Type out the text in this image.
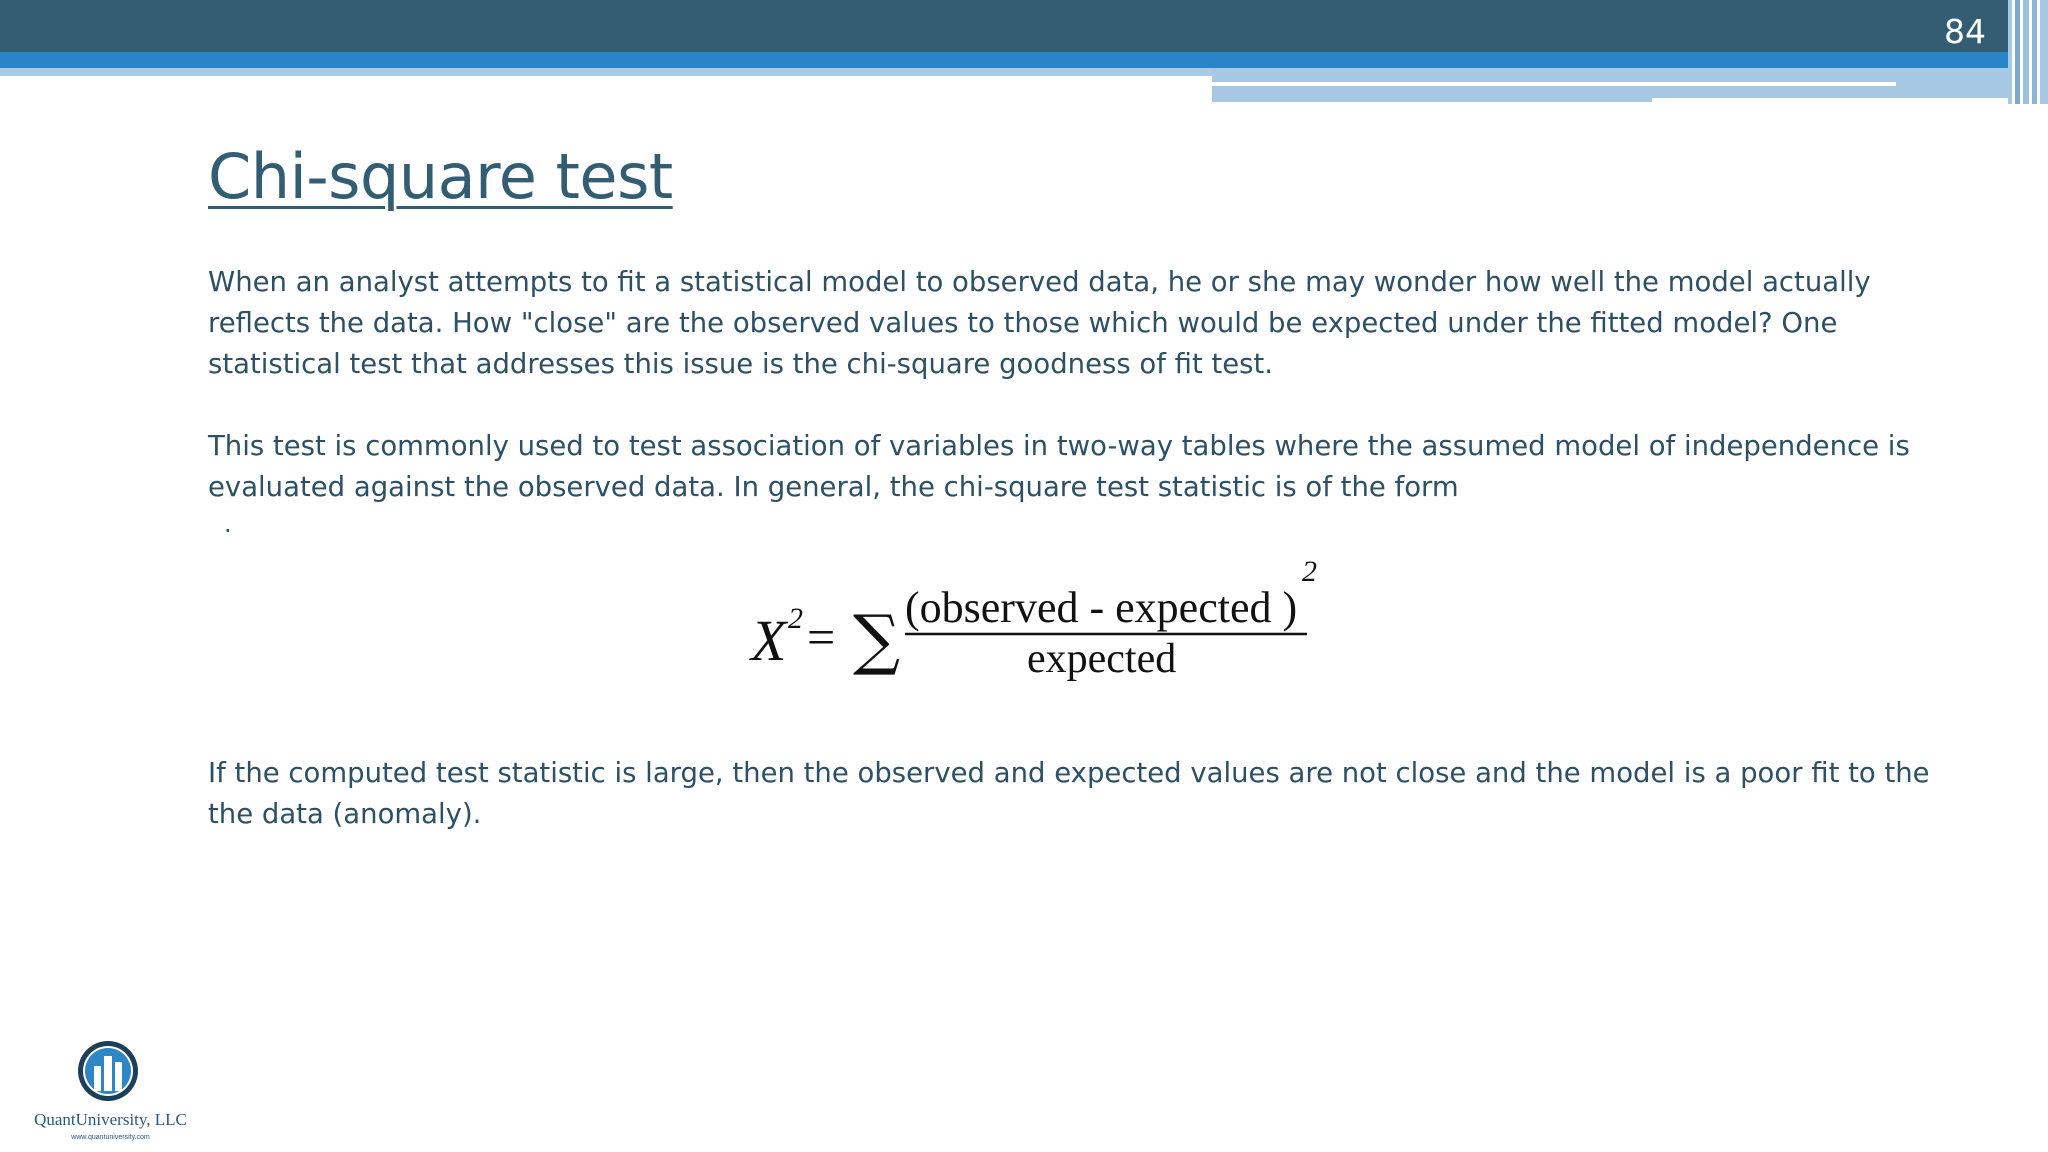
84
Chi-square test

When an analyst attempts to fit a statistical model to observed data, he or she may wonder how well the model actually reflects the data. How "close" are the observed values to those which would be expected under the fitted model? One statistical test that addresses this issue is the chi-square goodness of fit test.

This test is commonly used to test association of variables in two-way tables where the assumed model of independence is evaluated against the observed data. In general, the chi-square test statistic is of the form

.
X 2 = ∑ (observed - expected )
2
expected

If the computed test statistic is large, then the observed and expected values are not close and the model is a poor fit to the the data (anomaly).

QuantUniversity, LLC
www.quantuniversity.com
